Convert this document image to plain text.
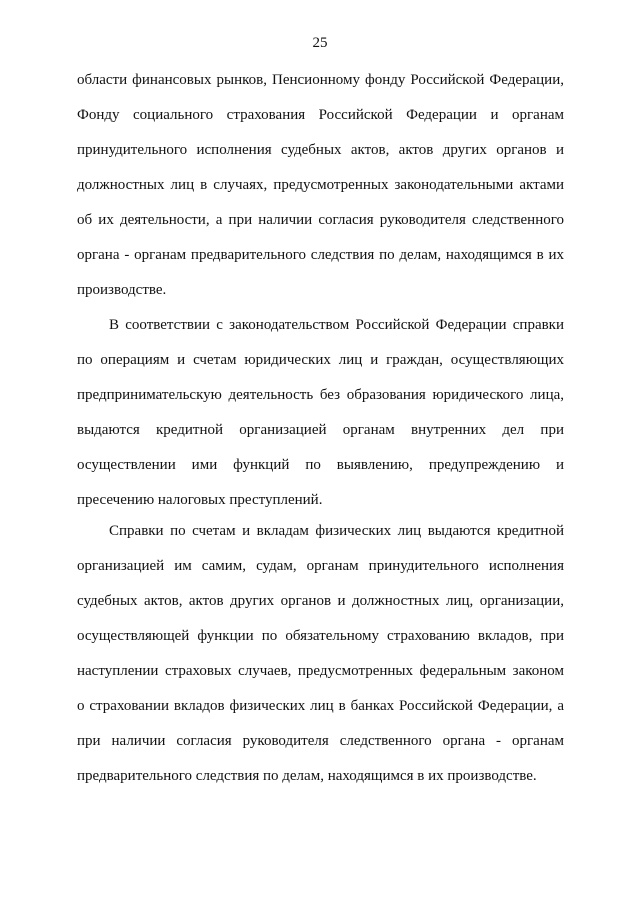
25
области финансовых рынков, Пенсионному фонду Российской Федерации,
Фонду социального страхования Российской Федерации и органам
принудительного исполнения судебных актов, актов других органов и
должностных лиц в случаях, предусмотренных законодательными актами
об их деятельности, а при наличии согласия руководителя следственного
органа - органам предварительного следствия по делам, находящимся в их
производстве.
В соответствии с законодательством Российской Федерации справки
по операциям и счетам юридических лиц и граждан, осуществляющих
предпринимательскую деятельность без образования юридического лица,
выдаются кредитной организацией органам внутренних дел при
осуществлении ими функций по выявлению, предупреждению и
пресечению налоговых преступлений.
Справки по счетам и вкладам физических лиц выдаются кредитной
организацией им самим, судам, органам принудительного исполнения
судебных актов, актов других органов и должностных лиц, организации,
осуществляющей функции по обязательному страхованию вкладов, при
наступлении страховых случаев, предусмотренных федеральным законом
о страховании вкладов физических лиц в банках Российской Федерации, а
при наличии согласия руководителя следственного органа - органам
предварительного следствия по делам, находящимся в их производстве.
